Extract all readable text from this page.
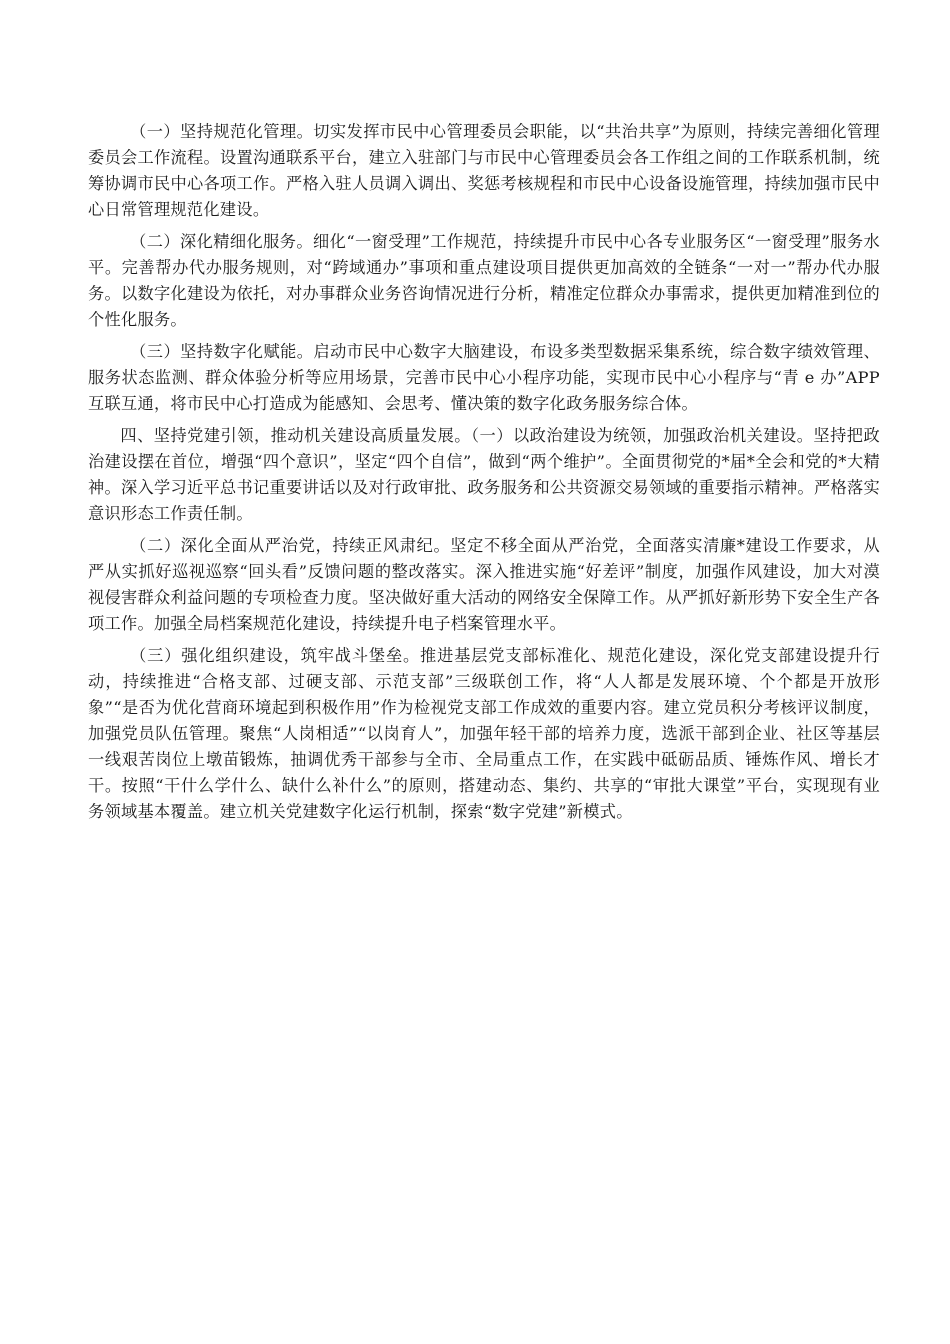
（一）坚持规范化管理。切实发挥市民中心管理委员会职能，以“共治共享”为原则，持续完善细化管理委员会工作流程。设置沟通联系平台，建立入驻部门与市民中心管理委员会各工作组之间的工作联系机制，统筹协调市民中心各项工作。严格入驻人员调入调出、奖惩考核规程和市民中心设备设施管理，持续加强市民中心日常管理规范化建设。

（二）深化精细化服务。细化“一窗受理”工作规范，持续提升市民中心各专业服务区“一窗受理”服务水平。完善帮办代办服务规则，对“跨域通办”事项和重点建设项目提供更加高效的全链条“一对一”帮办代办服务。以数字化建设为依托，对办事群众业务咨询情况进行分析，精准定位群众办事需求，提供更加精准到位的个性化服务。

（三）坚持数字化赋能。启动市民中心数字大脑建设，布设多类型数据采集系统，综合数字绩效管理、服务状态监测、群众体验分析等应用场景，完善市民中心小程序功能，实现市民中心小程序与“青 e 办”APP 互联互通，将市民中心打造成为能感知、会思考、懂决策的数字化政务服务综合体。

四、坚持党建引领，推动机关建设高质量发展。（一）以政治建设为统领，加强政治机关建设。坚持把政治建设摆在首位，增强“四个意识”，坚定“四个自信”，做到“两个维护”。全面贯彻党的*届*全会和党的*大精神。深入学习近平总书记重要讲话以及对行政审批、政务服务和公共资源交易领域的重要指示精神。严格落实意识形态工作责任制。

（二）深化全面从严治党，持续正风肃纪。坚定不移全面从严治党，全面落实清廉*建设工作要求，从严从实抓好巡视巡察“回头看”反馈问题的整改落实。深入推进实施“好差评”制度，加强作风建设，加大对漠视侵害群众利益问题的专项检查力度。坚决做好重大活动的网络安全保障工作。从严抓好新形势下安全生产各项工作。加强全局档案规范化建设，持续提升电子档案管理水平。

（三）强化组织建设，筑牢战斗堡垒。推进基层党支部标准化、规范化建设，深化党支部建设提升行动，持续推进“合格支部、过硬支部、示范支部”三级联创工作，将“人人都是发展环境、个个都是开放形象”“是否为优化营商环境起到积极作用”作为检视党支部工作成效的重要内容。建立党员积分考核评议制度，加强党员队伍管理。聚焦“人岗相适”“以岗育人”，加强年轻干部的培养力度，选派干部到企业、社区等基层一线艰苦岗位上墩苗锻炼，抽调优秀干部参与全市、全局重点工作，在实践中砥砺品质、锤炼作风、增长才干。按照“干什么学什么、缺什么补什么”的原则，搭建动态、集约、共享的“审批大课堂”平台，实现现有业务领域基本覆盖。建立机关党建数字化运行机制，探索“数字党建”新模式。
